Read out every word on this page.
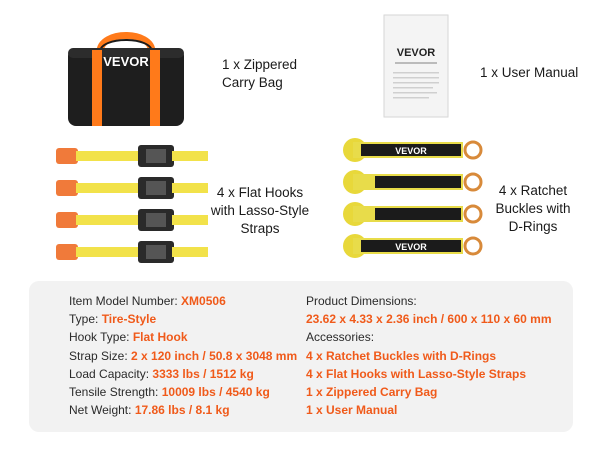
VEVOR	1 x Zippered
Carry Bag
VEVOR
1 x User Manual
4 x Flat Hooks
with Lasso-Style
Straps
VEVOR
VEVOR
4 x Ratchet
Buckles with
D-Rings
Item Model Number: XM0506
Type: Tire-Style
Hook Type: Flat Hook
Strap Size: 2 x 120 inch / 50.8 x 3048 mm
Load Capacity: 3333 lbs / 1512 kg
Tensile Strength: 10009 lbs / 4540 kg
Net Weight: 17.86 lbs / 8.1 kg
Product Dimensions:
23.62 x 4.33 x 2.36 inch / 600 x 110 x 60 mm
Accessories:
4 x Ratchet Buckles with D-Rings
4 x Flat Hooks with Lasso-Style Straps
1 x Zippered Carry Bag
1 x User Manual
